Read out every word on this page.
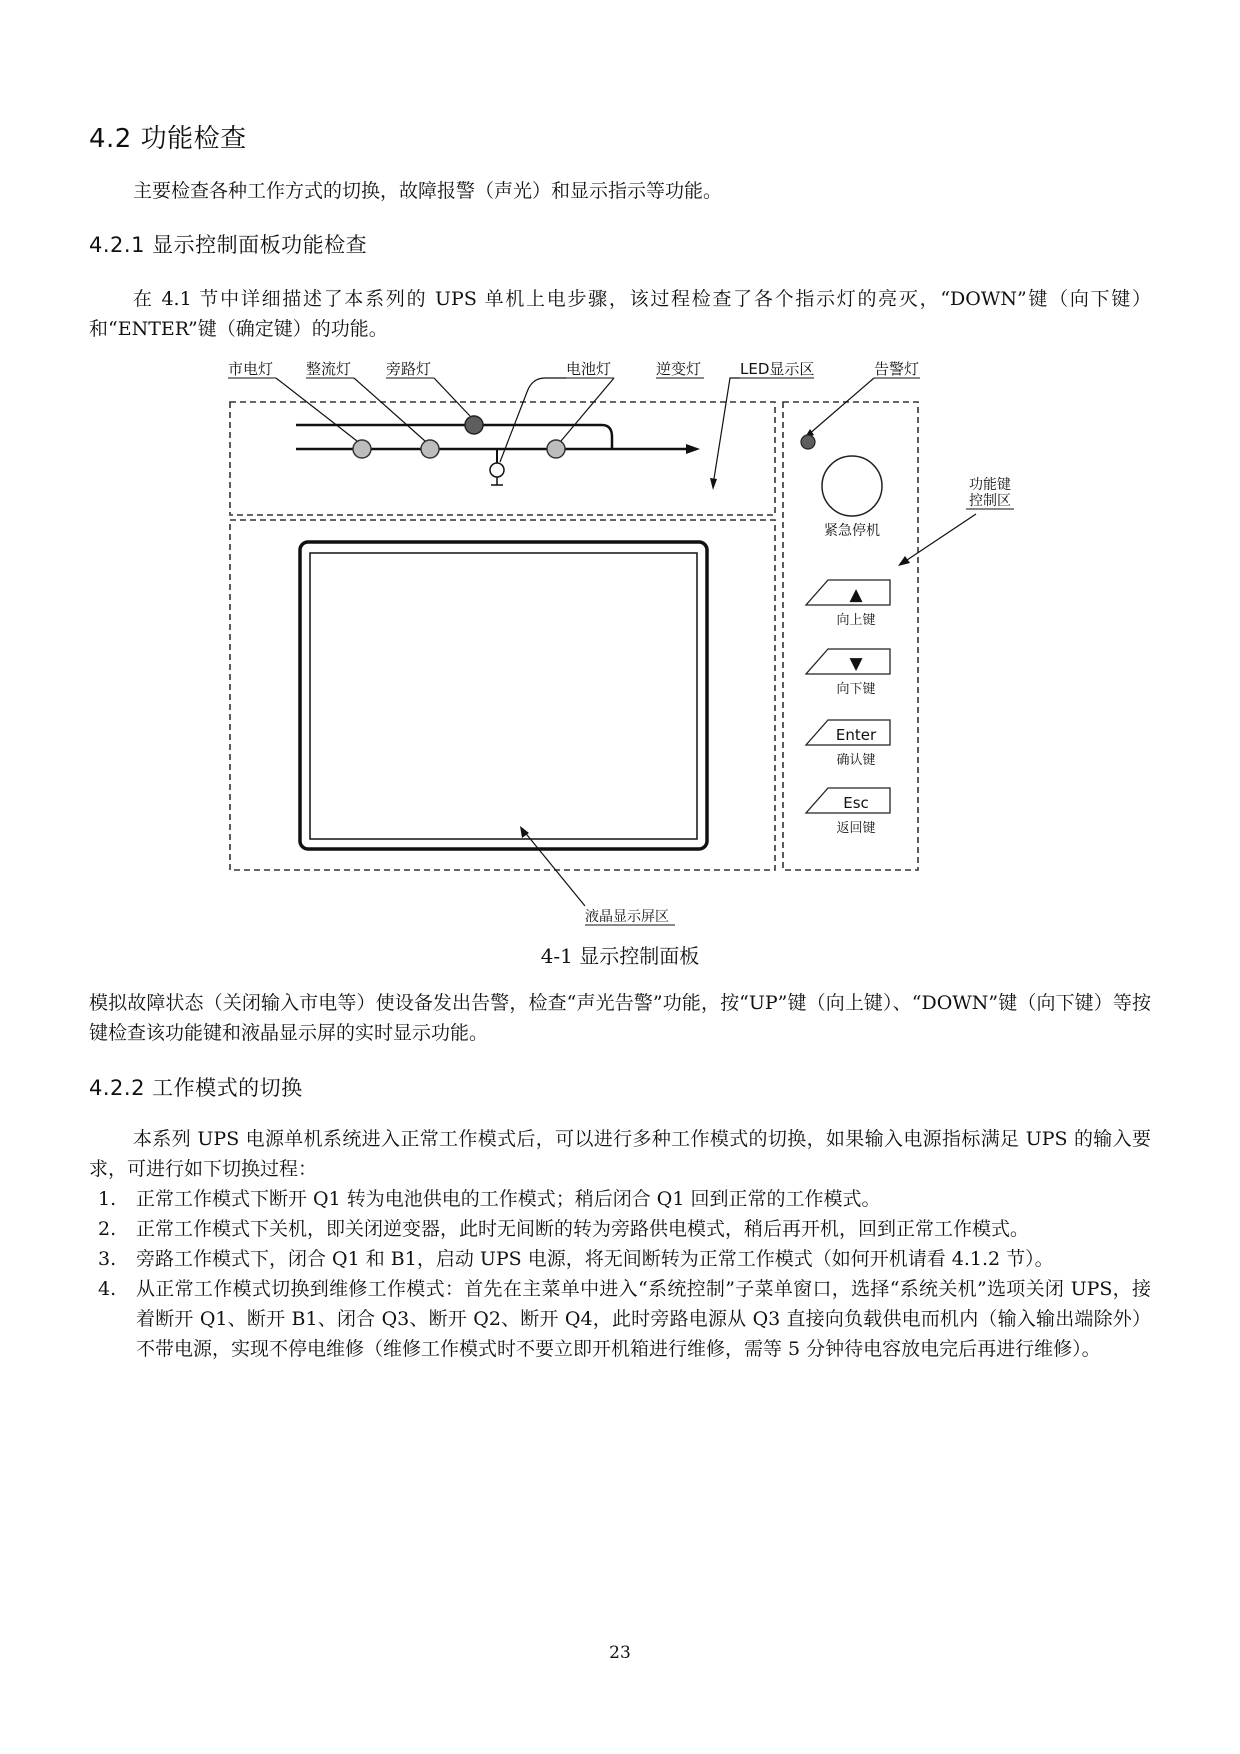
4.2 功能检查
主要检查各种工作方式的切换，故障报警（声光）和显示指示等功能。
4.2.1 显示控制面板功能检查
在 4.1 节中详细描述了本系列的 UPS 单机上电步骤，该过程检查了各个指示灯的亮灭，“DOWN”键（向下键）和“ENTER”键（确定键）的功能。
市电灯 整流灯 旁路灯	电池灯	逆变灯	LED显示区	告警灯
紧急停机
功能键
控制区
▲
向上键
▼
向下键
Enter
确认键
Esc
返回键
液晶显示屏区
4-1 显示控制面板
模拟故障状态（关闭输入市电等）使设备发出告警，检查“声光告警”功能，按“UP”键（向上键）、“DOWN”键（向下键）等按键检查该功能键和液晶显示屏的实时显示功能。
4.2.2 工作模式的切换
本系列 UPS 电源单机系统进入正常工作模式后，可以进行多种工作模式的切换，如果输入电源指标满足 UPS 的输入要求，可进行如下切换过程：
1. 正常工作模式下断开 Q1 转为电池供电的工作模式；稍后闭合 Q1 回到正常的工作模式。
2. 正常工作模式下关机，即关闭逆变器，此时无间断的转为旁路供电模式，稍后再开机，回到正常工作模式。
3. 旁路工作模式下，闭合 Q1 和 B1，启动 UPS 电源，将无间断转为正常工作模式（如何开机请看 4.1.2 节）。
4. 从正常工作模式切换到维修工作模式：首先在主菜单中进入“系统控制”子菜单窗口，选择“系统关机”选项关闭 UPS，接着断开 Q1、断开 B1、闭合 Q3、断开 Q2、断开 Q4，此时旁路电源从 Q3 直接向负载供电而机内（输入输出端除外）不带电源，实现不停电维修（维修工作模式时不要立即开机箱进行维修，需等 5 分钟待电容放电完后再进行维修）。
23
